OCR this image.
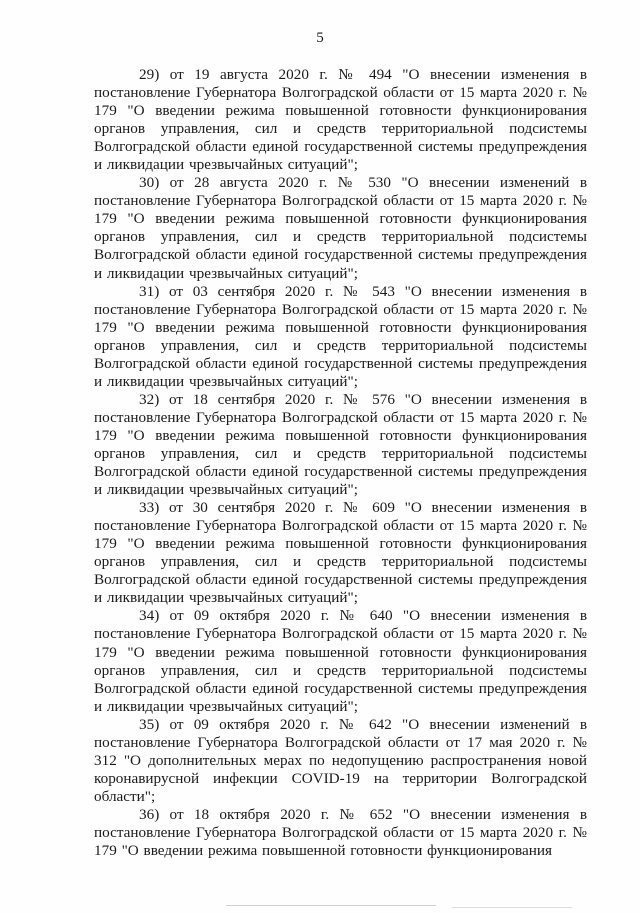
5

29) от 19 августа 2020 г. № 494 "О внесении изменения в постановление Губернатора Волгоградской области от 15 марта 2020 г. № 179 "О введении режима повышенной готовности функционирования органов управления, сил и средств территориальной подсистемы Волгоградской области единой государственной системы предупреждения и ликвидации чрезвычайных ситуаций";

30) от 28 августа 2020 г. № 530 "О внесении изменений в постановление Губернатора Волгоградской области от 15 марта 2020 г. № 179 "О введении режима повышенной готовности функционирования органов управления, сил и средств территориальной подсистемы Волгоградской области единой государственной системы предупреждения и ликвидации чрезвычайных ситуаций";

31) от 03 сентября 2020 г. № 543 "О внесении изменения в постановление Губернатора Волгоградской области от 15 марта 2020 г. № 179 "О введении режима повышенной готовности функционирования органов управления, сил и средств территориальной подсистемы Волгоградской области единой государственной системы предупреждения и ликвидации чрезвычайных ситуаций";

32) от 18 сентября 2020 г. № 576 "О внесении изменения в постановление Губернатора Волгоградской области от 15 марта 2020 г. № 179 "О введении режима повышенной готовности функционирования органов управления, сил и средств территориальной подсистемы Волгоградской области единой государственной системы предупреждения и ликвидации чрезвычайных ситуаций";

33) от 30 сентября 2020 г. № 609 "О внесении изменения в постановление Губернатора Волгоградской области от 15 марта 2020 г. № 179 "О введении режима повышенной готовности функционирования органов управления, сил и средств территориальной подсистемы Волгоградской области единой государственной системы предупреждения и ликвидации чрезвычайных ситуаций";

34) от 09 октября 2020 г. № 640 "О внесении изменения в постановление Губернатора Волгоградской области от 15 марта 2020 г. № 179 "О введении режима повышенной готовности функционирования органов управления, сил и средств территориальной подсистемы Волгоградской области единой государственной системы предупреждения и ликвидации чрезвычайных ситуаций";

35) от 09 октября 2020 г. № 642 "О внесении изменений в постановление Губернатора Волгоградской области от 17 мая 2020 г. № 312 "О дополнительных мерах по недопущению распространения новой коронавирусной инфекции COVID-19 на территории Волгоградской области";

36) от 18 октября 2020 г. № 652 "О внесении изменения в постановление Губернатора Волгоградской области от 15 марта 2020 г. № 179 "О введении режима повышенной готовности функционирования
